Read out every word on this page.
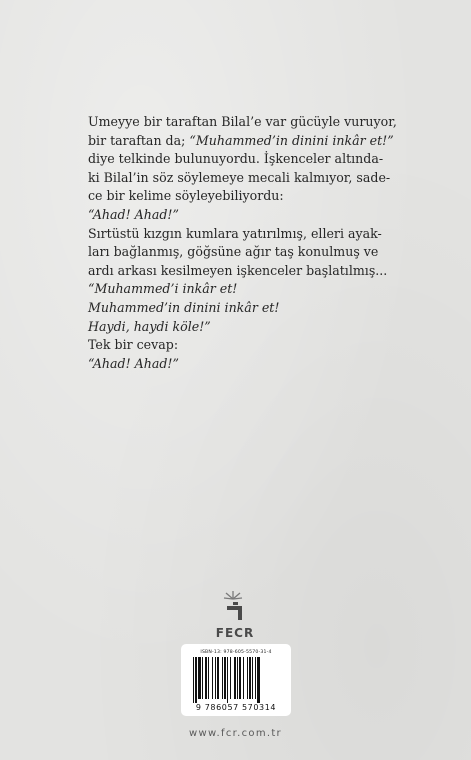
Umeyye bir taraftan Bilal’e var gücüyle vuruyor,
bir taraftan da; “Muhammed’in dinini inkâr et!”
diye telkinde bulunuyordu. İşkenceler altında-
ki Bilal’in söz söylemeye mecali kalmıyor, sade-
ce bir kelime söyleyebiliyordu:

“Ahad! Ahad!”

Sırtüstü kızgın kumlara yatırılmış, elleri ayak-
ları bağlanmış, göğsüne ağır taş konulmuş ve
ardı arkası kesilmeyen işkenceler başlatılmış...

“Muhammed’i inkâr et!
Muhammed’in dinini inkâr et!
Haydi, haydi köle!”

Tek bir cevap:

“Ahad! Ahad!”

FECR
ISBN-13: 978-605-5570-31-4
9 786057 570314
www.fcr.com.tr
